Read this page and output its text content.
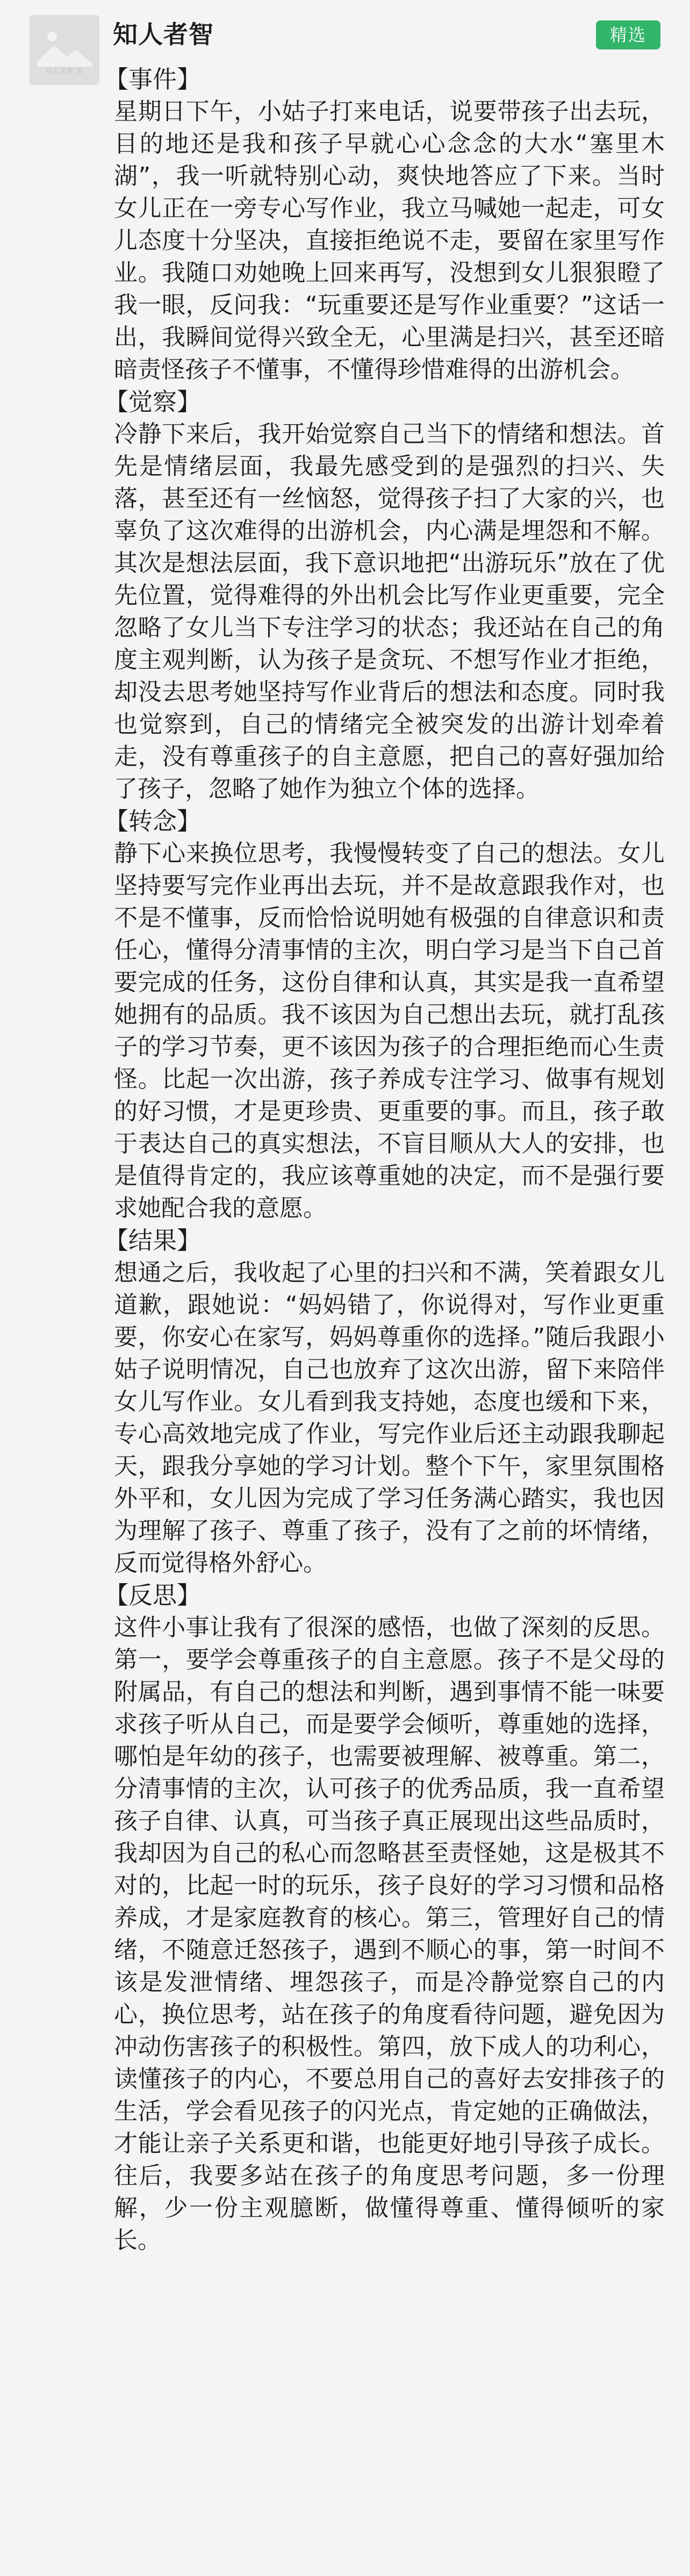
知人者智 智
知人者智	精选
【事件】
星期日下午，小姑子打来电话，说要带孩子出去玩，目的地还是我和孩子早就心心念念的大水“塞里木湖”，我一听就特别心动，爽快地答应了下来。当时女儿正在一旁专心写作业，我立马喊她一起走，可女儿态度十分坚决，直接拒绝说不走，要留在家里写作业。我随口劝她晚上回来再写，没想到女儿狠狠瞪了我一眼，反问我：“玩重要还是写作业重要？”这话一出，我瞬间觉得兴致全无，心里满是扫兴，甚至还暗暗责怪孩子不懂事，不懂得珍惜难得的出游机会。
【觉察】
冷静下来后，我开始觉察自己当下的情绪和想法。首先是情绪层面，我最先感受到的是强烈的扫兴、失落，甚至还有一丝恼怒，觉得孩子扫了大家的兴，也辜负了这次难得的出游机会，内心满是埋怨和不解。其次是想法层面，我下意识地把“出游玩乐”放在了优先位置，觉得难得的外出机会比写作业更重要，完全忽略了女儿当下专注学习的状态；我还站在自己的角度主观判断，认为孩子是贪玩、不想写作业才拒绝，却没去思考她坚持写作业背后的想法和态度。同时我也觉察到，自己的情绪完全被突发的出游计划牵着走，没有尊重孩子的自主意愿，把自己的喜好强加给了孩子，忽略了她作为独立个体的选择。
【转念】
静下心来换位思考，我慢慢转变了自己的想法。女儿坚持要写完作业再出去玩，并不是故意跟我作对，也不是不懂事，反而恰恰说明她有极强的自律意识和责任心，懂得分清事情的主次，明白学习是当下自己首要完成的任务，这份自律和认真，其实是我一直希望她拥有的品质。我不该因为自己想出去玩，就打乱孩子的学习节奏，更不该因为孩子的合理拒绝而心生责怪。比起一次出游，孩子养成专注学习、做事有规划的好习惯，才是更珍贵、更重要的事。而且，孩子敢于表达自己的真实想法，不盲目顺从大人的安排，也是值得肯定的，我应该尊重她的决定，而不是强行要求她配合我的意愿。
【结果】
想通之后，我收起了心里的扫兴和不满，笑着跟女儿道歉，跟她说：“妈妈错了，你说得对，写作业更重要，你安心在家写，妈妈尊重你的选择。”随后我跟小姑子说明情况，自己也放弃了这次出游，留下来陪伴女儿写作业。女儿看到我支持她，态度也缓和下来，专心高效地完成了作业，写完作业后还主动跟我聊起天，跟我分享她的学习计划。整个下午，家里氛围格外平和，女儿因为完成了学习任务满心踏实，我也因为理解了孩子、尊重了孩子，没有了之前的坏情绪，反而觉得格外舒心。
【反思】
这件小事让我有了很深的感悟，也做了深刻的反思。第一，要学会尊重孩子的自主意愿。孩子不是父母的附属品，有自己的想法和判断，遇到事情不能一味要求孩子听从自己，而是要学会倾听，尊重她的选择，哪怕是年幼的孩子，也需要被理解、被尊重。第二，分清事情的主次，认可孩子的优秀品质，我一直希望孩子自律、认真，可当孩子真正展现出这些品质时，我却因为自己的私心而忽略甚至责怪她，这是极其不对的，比起一时的玩乐，孩子良好的学习习惯和品格养成，才是家庭教育的核心。第三，管理好自己的情绪，不随意迁怒孩子，遇到不顺心的事，第一时间不该是发泄情绪、埋怨孩子，而是冷静觉察自己的内心，换位思考，站在孩子的角度看待问题，避免因为冲动伤害孩子的积极性。第四，放下成人的功利心，读懂孩子的内心，不要总用自己的喜好去安排孩子的生活，学会看见孩子的闪光点，肯定她的正确做法，才能让亲子关系更和谐，也能更好地引导孩子成长。往后，我要多站在孩子的角度思考问题，多一份理解，少一份主观臆断，做懂得尊重、懂得倾听的家长。
